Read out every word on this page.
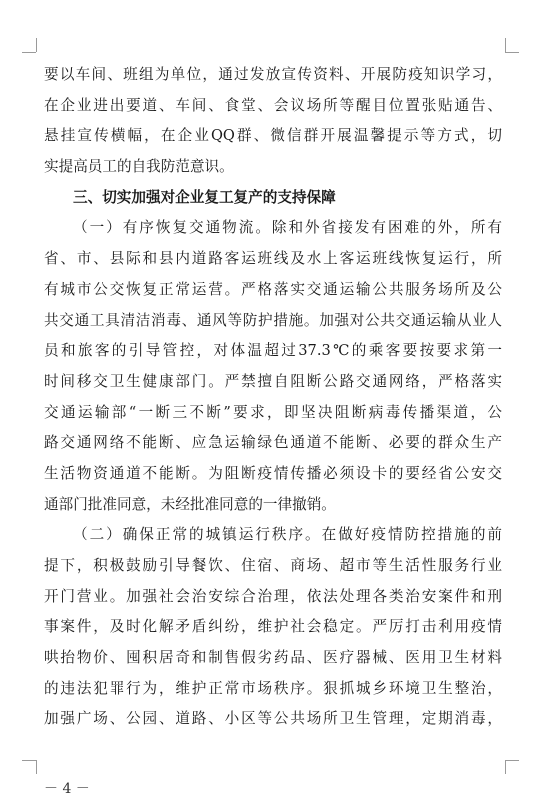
要以车间、班组为单位，通过发放宣传资料、开展防疫知识学习，
在企业进出要道、车间、食堂、会议场所等醒目位置张贴通告、
悬挂宣传横幅，在企业QQ群、微信群开展温馨提示等方式，切
实提高员工的自我防范意识。
三、切实加强对企业复工复产的支持保障
（一）有序恢复交通物流。除和外省接发有困难的外，所有
省、市、县际和县内道路客运班线及水上客运班线恢复运行，所
有城市公交恢复正常运营。严格落实交通运输公共服务场所及公
共交通工具清洁消毒、通风等防护措施。加强对公共交通运输从业人
员和旅客的引导管控，对体温超过37.3℃的乘客要按要求第一
时间移交卫生健康部门。严禁擅自阻断公路交通网络，严格落实
交通运输部“一断三不断”要求，即坚决阻断病毒传播渠道，公
路交通网络不能断、应急运输绿色通道不能断、必要的群众生产
生活物资通道不能断。为阻断疫情传播必须设卡的要经省公安交
通部门批准同意，未经批准同意的一律撤销。
（二）确保正常的城镇运行秩序。在做好疫情防控措施的前
提下，积极鼓励引导餐饮、住宿、商场、超市等生活性服务行业
开门营业。加强社会治安综合治理，依法处理各类治安案件和刑
事案件，及时化解矛盾纠纷，维护社会稳定。严厉打击利用疫情
哄抬物价、囤积居奇和制售假劣药品、医疗器械、医用卫生材料
的违法犯罪行为，维护正常市场秩序。狠抓城乡环境卫生整治，
加强广场、公园、道路、小区等公共场所卫生管理，定期消毒，
－ 4 －
